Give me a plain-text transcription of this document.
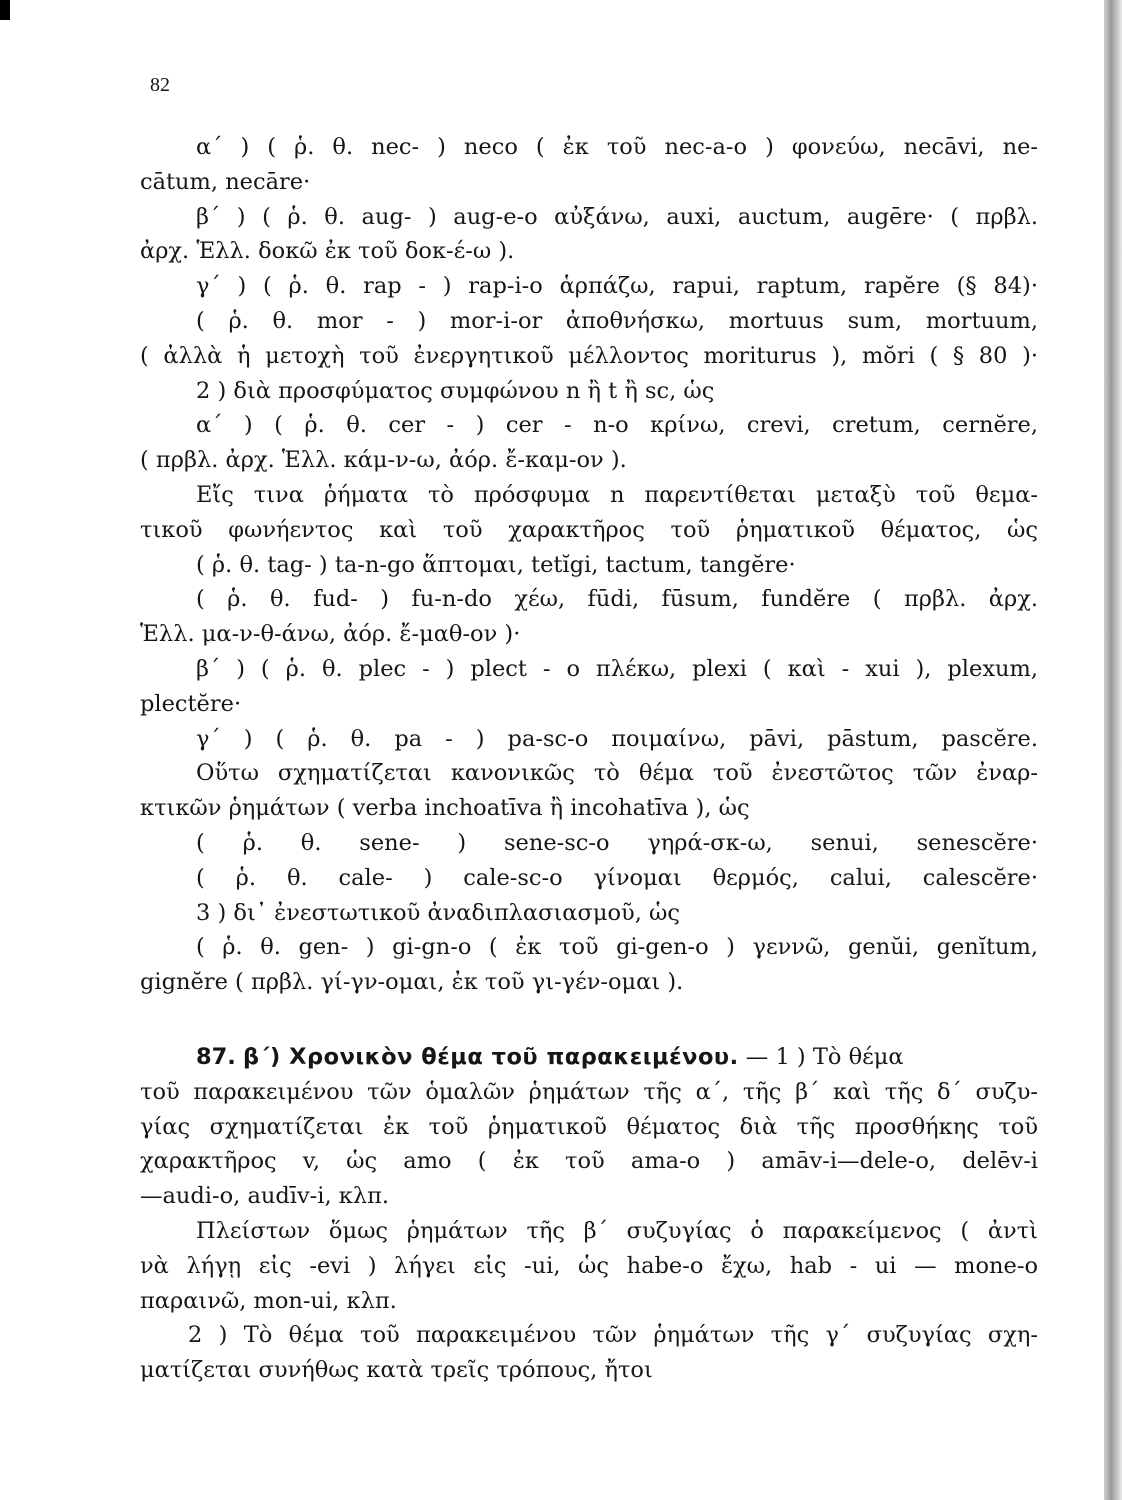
82
α΄ ) ( ῥ. θ. nec- ) neco ( ἐκ τοῦ nec-a-o ) φονεύω, necāvi, ne-
cātum, necāre·
β΄ ) ( ῥ. θ. aug- ) aug-e-o αὐξάνω, auxi, auctum, augēre· ( πρβλ.
ἀρχ. Ἑλλ. δοκῶ ἐκ τοῦ δοκ-έ-ω ).
γ΄ ) ( ῥ. θ. rap - ) rap-i-o ἁρπάζω, rapui, raptum, rapĕre (§ 84)·
( ῥ. θ. mor - ) mor-i-or ἀποθνήσκω, mortuus sum, mortuum,
( ἀλλὰ ἡ μετοχὴ τοῦ ἐνεργητικοῦ μέλλοντος moriturus ), mŏri ( § 80 )·
2 ) διὰ προσφύματος συμφώνου n ἢ t ἢ sc, ὡς
α΄ ) ( ῥ. θ. cer - ) cer - n-o κρίνω, crevi, cretum, cernĕre,
( πρβλ. ἀρχ. Ἑλλ. κάμ-ν-ω, ἀόρ. ἔ-καμ-ον ).
Εἴς τινα ῥήματα τὸ πρόσφυμα n παρεντίθεται μεταξὺ τοῦ θεμα-
τικοῦ φωνήεντος καὶ τοῦ χαρακτῆρος τοῦ ῥηματικοῦ θέματος, ὡς
( ῥ. θ. tag- ) ta-n-go ἅπτομαι, tetĭgi, tactum, tangĕre·
( ῥ. θ. fud- ) fu-n-do χέω, fūdi, fūsum, fundĕre ( πρβλ. ἀρχ.
Ἑλλ. μα-ν-θ-άνω, ἀόρ. ἔ-μαθ-ον )·
β΄ ) ( ῥ. θ. plec - ) plect - o πλέκω, plexi ( καὶ - xui ), plexum,
plectĕre·
γ΄ ) ( ῥ. θ. pa - ) pa-sc-o ποιμαίνω, pāvi, pāstum, pascĕre.
Οὕτω σχηματίζεται κανονικῶς τὸ θέμα τοῦ ἐνεστῶτος τῶν ἐναρ-
κτικῶν ῥημάτων ( verba inchoatīva ἢ incohatīva ), ὡς
( ῥ. θ. sene- ) sene-sc-o γηρά-σκ-ω, senui, senescĕre·
( ῥ. θ. cale- ) cale-sc-o γίνομαι θερμός, calui, calescĕre·
3 ) δι᾽ ἐνεστωτικοῦ ἀναδιπλασιασμοῦ, ὡς
( ῥ. θ. gen- ) gi-gn-o ( ἐκ τοῦ gi-gen-o ) γεννῶ, genŭi, genĭtum,
gignĕre ( πρβλ. γί-γν-ομαι, ἐκ τοῦ γι-γέν-ομαι ).
87. β΄) Χρονικὸν θέμα τοῦ παρακειμένου. — 1 ) Τὸ θέμα
τοῦ παρακειμένου τῶν ὁμαλῶν ῥημάτων τῆς α΄, τῆς β΄ καὶ τῆς δ΄ συζυ-
γίας σχηματίζεται ἐκ τοῦ ῥηματικοῦ θέματος διὰ τῆς προσθήκης τοῦ
χαρακτῆρος v, ὡς amo ( ἐκ τοῦ ama-o ) amāv-i—dele-o, delēv-i
—audi-o, audīv-i, κλπ.
Πλείστων ὅμως ῥημάτων τῆς β΄ συζυγίας ὁ παρακείμενος ( ἀντὶ
νὰ λήγῃ εἰς -evi ) λήγει εἰς -ui, ὡς habe-o ἔχω, hab - ui — mone-o
παραινῶ, mon-ui, κλπ.
2 ) Τὸ θέμα τοῦ παρακειμένου τῶν ῥημάτων τῆς γ΄ συζυγίας σχη-
ματίζεται συνήθως κατὰ τρεῖς τρόπους, ἤτοι
